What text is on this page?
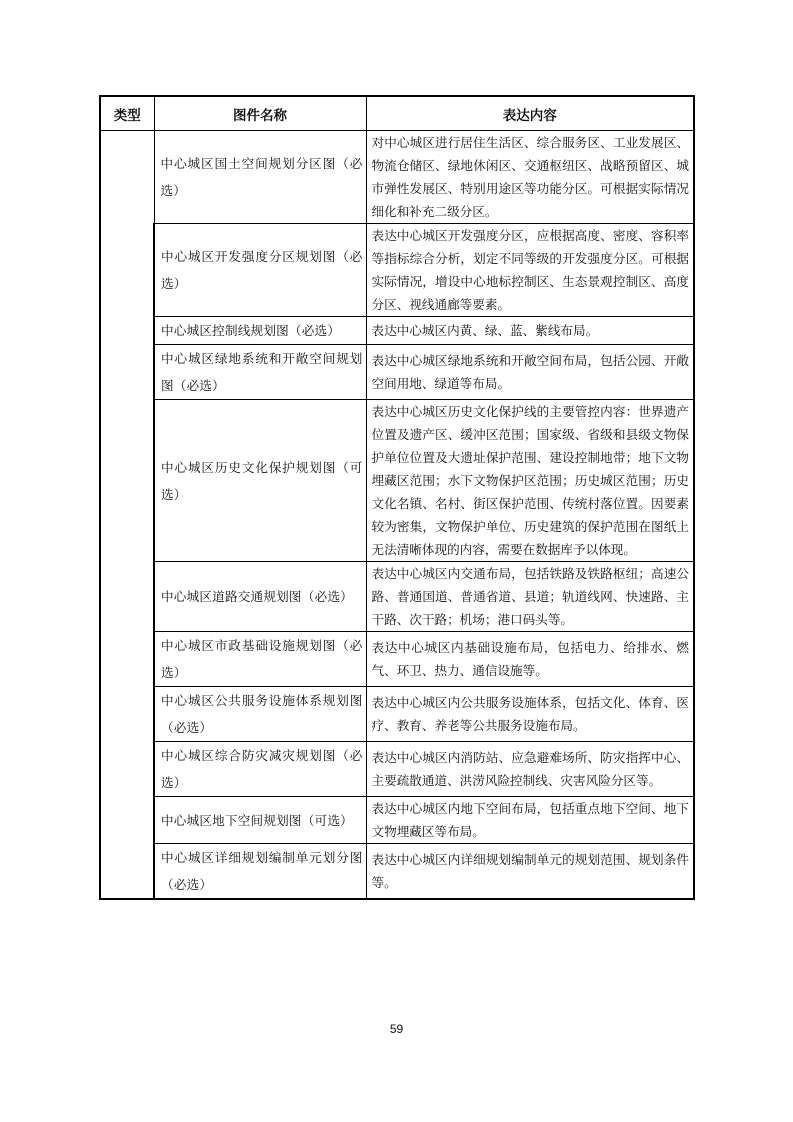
类型	图件名称	表达内容
	中心城区国土空间规划分区图（必选）	对中心城区进行居住生活区、综合服务区、工业发展区、物流仓储区、绿地休闲区、交通枢纽区、战略预留区、城市弹性发展区、特别用途区等功能分区。可根据实际情况细化和补充二级分区。
	中心城区开发强度分区规划图（必选）	表达中心城区开发强度分区，应根据高度、密度、容积率等指标综合分析，划定不同等级的开发强度分区。可根据实际情况，增设中心地标控制区、生态景观控制区、高度分区、视线通廊等要素。
	中心城区控制线规划图（必选）	表达中心城区内黄、绿、蓝、紫线布局。
	中心城区绿地系统和开敞空间规划图（必选）	表达中心城区绿地系统和开敞空间布局，包括公园、开敞空间用地、绿道等布局。
	中心城区历史文化保护规划图（可选）	表达中心城区历史文化保护线的主要管控内容：世界遗产位置及遗产区、缓冲区范围；国家级、省级和县级文物保护单位位置及大遗址保护范围、建设控制地带；地下文物埋藏区范围；水下文物保护区范围；历史城区范围；历史文化名镇、名村、街区保护范围、传统村落位置。因要素较为密集，文物保护单位、历史建筑的保护范围在图纸上无法清晰体现的内容，需要在数据库予以体现。
	中心城区道路交通规划图（必选）	表达中心城区内交通布局，包括铁路及铁路枢纽；高速公路、普通国道、普通省道、县道；轨道线网、快速路、主干路、次干路；机场；港口码头等。
	中心城区市政基础设施规划图（必选）	表达中心城区内基础设施布局，包括电力、给排水、燃气、环卫、热力、通信设施等。
	中心城区公共服务设施体系规划图（必选）	表达中心城区内公共服务设施体系，包括文化、体育、医疗、教育、养老等公共服务设施布局。
	中心城区综合防灾减灾规划图（必选）	表达中心城区内消防站、应急避难场所、防灾指挥中心、主要疏散通道、洪涝风险控制线、灾害风险分区等。
	中心城区地下空间规划图（可选）	表达中心城区内地下空间布局，包括重点地下空间、地下文物埋藏区等布局。
	中心城区详细规划编制单元划分图（必选）	表达中心城区内详细规划编制单元的规划范围、规划条件等。
59
